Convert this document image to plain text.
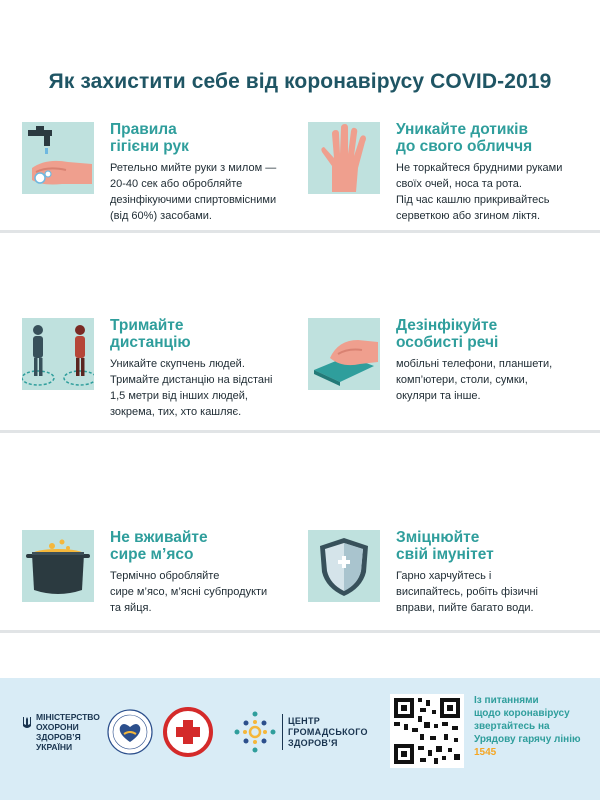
Як захистити себе від коронавірусу COVID-2019
Правила
гігієни рук
Ретельно мийте руки з милом —
20-40 сек або обробляйте
дезінфікуючими спиртовмісними
(від 60%) засобами.
Уникайте дотиків
до свого обличчя
Не торкайтеся брудними руками
своїх очей, носа та рота.
Під час кашлю прикривайтесь
серветкою або згином ліктя.
Тримайте
дистанцію
Уникайте скупчень людей.
Тримайте дистанцію на відстані
1,5 метри від інших людей,
зокрема, тих, хто кашляє.
Дезінфікуйте
особисті речі
мобільні телефони, планшети,
комп’ютери, столи, сумки,
окуляри та інше.
Не вживайте
сире м’ясо
Термічно обробляйте
сире м’ясо, м’ясні субпродукти
та яйця.
Зміцнюйте
свій імунітет
Гарно харчуйтесь і
висипайтесь, робіть фізичні
вправи, пийте багато води.
МІНІСТЕРСТВО
ОХОРОНИ
ЗДОРОВ’Я
УКРАЇНИ
ЦЕНТР
ГРОМАДСЬКОГО
ЗДОРОВ’Я
Із питаннями
щодо коронавірусу
звертайтесь на
Урядову гарячу лінію
1545
